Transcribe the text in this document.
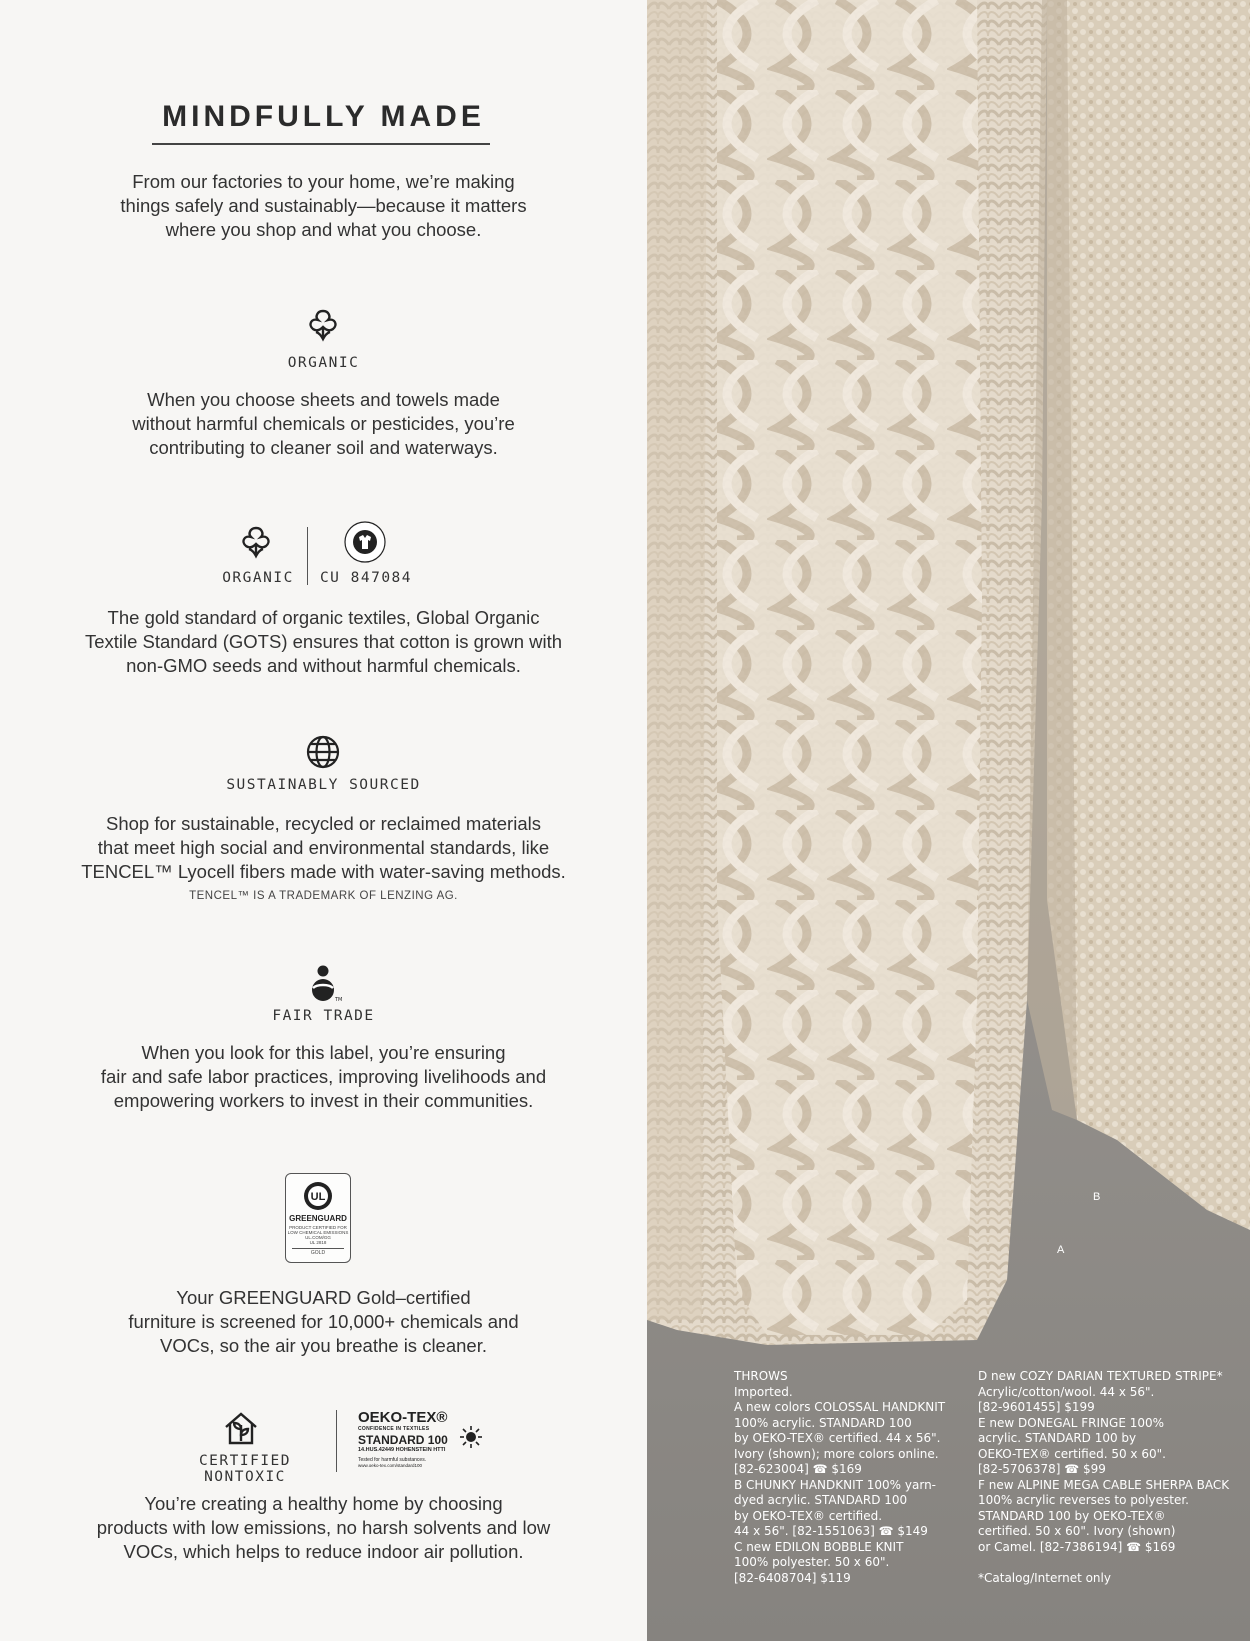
MINDFULLY MADE
From our factories to your home, we’re making
things safely and sustainably—because it matters
where you shop and what you choose.
ORGANIC
When you choose sheets and towels made
without harmful chemicals or pesticides, you’re
contributing to cleaner soil and waterways.
ORGANIC CU 847084
The gold standard of organic textiles, Global Organic
Textile Standard (GOTS) ensures that cotton is grown with
non-GMO seeds and without harmful chemicals.
SUSTAINABLY SOURCED
Shop for sustainable, recycled or reclaimed materials
that meet high social and environmental standards, like
TENCEL™ Lyocell fibers made with water-saving methods.
TENCEL™ IS A TRADEMARK OF LENZING AG.
TM
FAIR TRADE
When you look for this label, you’re ensuring
fair and safe labor practices, improving livelihoods and
empowering workers to invest in their communities.
UL
GREENGUARD
PRODUCT CERTIFIED FOR
LOW CHEMICAL EMISSIONS
UL.COM/GG
UL 2818
GOLD
Your GREENGUARD Gold–certified
furniture is screened for 10,000+ chemicals and
VOCs, so the air you breathe is cleaner.
CERTIFIED NONTOXIC
OEKO-TEX®
CONFIDENCE IN TEXTILES
STANDARD 100
14.HUS.42449 HOHENSTEIN HTTI
Tested for harmful substances.
www.oeko-tex.com/standard100
You’re creating a healthy home by choosing
products with low emissions, no harsh solvents and low
VOCs, which helps to reduce indoor air pollution.
B
A
THROWS
Imported.
A new colors COLOSSAL HANDKNIT
100% acrylic. STANDARD 100
by OEKO-TEX® certified. 44 x 56".
Ivory (shown); more colors online.
[82-623004] ☎ $169
B CHUNKY HANDKNIT 100% yarn-
dyed acrylic. STANDARD 100
by OEKO-TEX® certified.
44 x 56". [82-1551063] ☎ $149
C new EDILON BOBBLE KNIT
100% polyester. 50 x 60".
[82-6408704] $119
D new COZY DARIAN TEXTURED STRIPE*
Acrylic/cotton/wool. 44 x 56".
[82-9601455] $199
E new DONEGAL FRINGE 100%
acrylic. STANDARD 100 by
OEKO-TEX® certified. 50 x 60".
[82-5706378] ☎ $99
F new ALPINE MEGA CABLE SHERPA BACK
100% acrylic reverses to polyester.
STANDARD 100 by OEKO-TEX®
certified. 50 x 60". Ivory (shown)
or Camel. [82-7386194] ☎ $169

*Catalog/Internet only
